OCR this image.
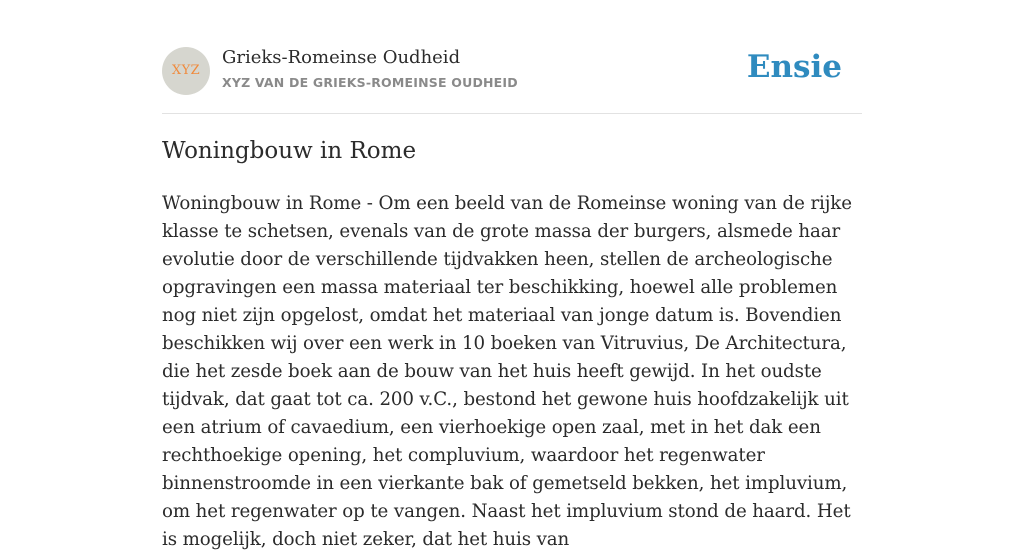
XYZ
Grieks-Romeinse Oudheid
XYZ VAN DE GRIEKS-ROMEINSE OUDHEID	Ensie
Woningbouw in Rome

Woningbouw in Rome - Om een beeld van de Romeinse woning van de rijke klasse te schetsen, evenals van de grote massa der burgers, alsmede haar evolutie door de verschillende tijdvakken heen, stellen de archeologische opgravingen een massa materiaal ter beschikking, hoewel alle problemen nog niet zijn opgelost, omdat het materiaal van jonge datum is. Bovendien beschikken wij over een werk in 10 boeken van Vitruvius, De Architectura, die het zesde boek aan de bouw van het huis heeft gewijd. In het oudste tijdvak, dat gaat tot ca. 200 v.C., bestond het gewone huis hoofdzakelijk uit een atrium of cavaedium, een vierhoekige open zaal, met in het dak een rechthoekige opening, het compluvium, waardoor het regenwater binnenstroomde in een vierkante bak of gemetseld bekken, het impluvium, om het regenwater op te vangen. Naast het impluvium stond de haard. Het is mogelijk, doch niet zeker, dat het huis van
